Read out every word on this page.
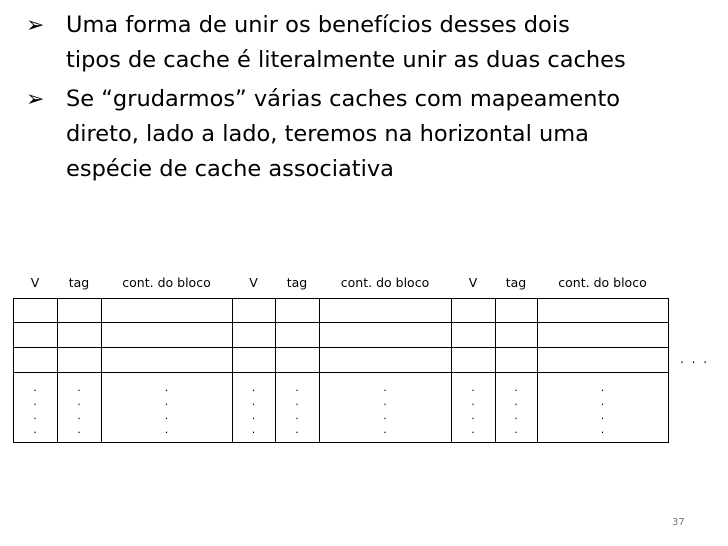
➢ Uma forma de unir os benefícios desses dois
tipos de cache é literalmente unir as duas caches
➢ Se “grudarmos” várias caches com mapeamento
direto, lado a lado, teremos na horizontal uma
espécie de cache associativa
V
.
.
.
.
tag
.
.
.
.
cont. do bloco
.
.
.
.
V
.
.
.
.
tag
.
.
.
.
cont. do bloco
.
.
.
.
V
.
.
.
.
tag
.
.
.
.
cont. do bloco
.
.
.
.
. . .
37
